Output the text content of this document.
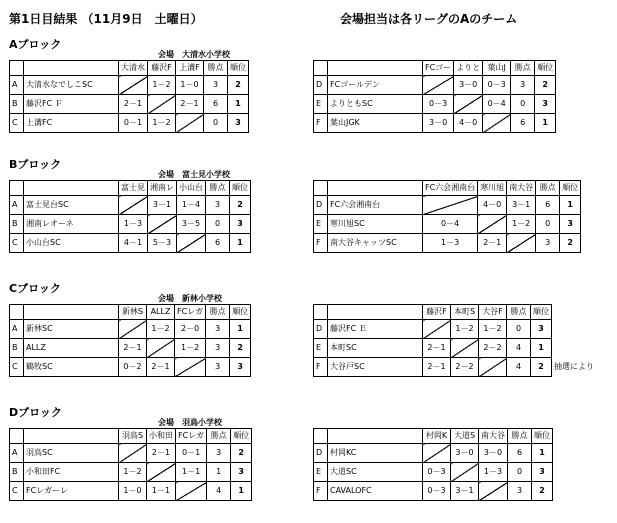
第1日目結果 （11月9日　土曜日）	会場担当は各リーグのAのチーム
Aブロック
会場　大清水小学校
		大清水	藤沢F	上溝F	勝点	順位
A	大清水なでしこSC		1－2	1－0	3	2
B	藤沢FC Ｆ	2－1		2－1	6	1
C	上溝FC	0－1	1－2		0	3
		FCゴー	よりと	葉山J	勝点	順位
D	FCゴールデン		3－0	0－3	3	2
E	よりともSC	0－3		0－4	0	3
F	葉山JGK	3－0	4－0		6	1
Bブロック
会場　富士見小学校
		富士見	湘南レ	小山台	勝点	順位
A	富士見台SC		3－1	1－4	3	2
B	湘南レオーネ	1－3		3－5	0	3
C	小山台SC	4－1	5－3		6	1
		FC六会湘南台	寒川旭	南大谷	勝点	順位
D	FC六会湘南台		4－0	3－1	6	1
E	寒川旭SC	0－4		1－2	0	3
F	南大谷キャッツSC	1－3	2－1		3	2
Cブロック
会場　新林小学校
		新林S	ALLZ	FCレガ	勝点	順位
A	新林SC		1－2	2－0	3	1
B	ALLZ	2－1		1－2	3	2
C	鶴牧SC	0－2	2－1		3	3
		藤沢F	本町S	大谷F	勝点	順位
D	藤沢FC Ｅ		1－2	1－2	0	3
E	本町SC	2－1		2－2	4	1
F	大谷戸SC	2－1	2－2		4	2 抽選により
Dブロック
会場　羽鳥小学校
		羽鳥S	小和田	FCレガ	勝点	順位
A	羽鳥SC		2－1	0－1	3	2
B	小和田FC	1－2		1－1	1	3
C	FCレガーレ	1－0	1－1		4	1
		村岡K	大道S	南大谷	勝点	順位
D	村岡KC		3－0	3－0	6	1
E	大道SC	0－3		1－3	0	3
F	CAVALOFC	0－3	3－1		3	2
